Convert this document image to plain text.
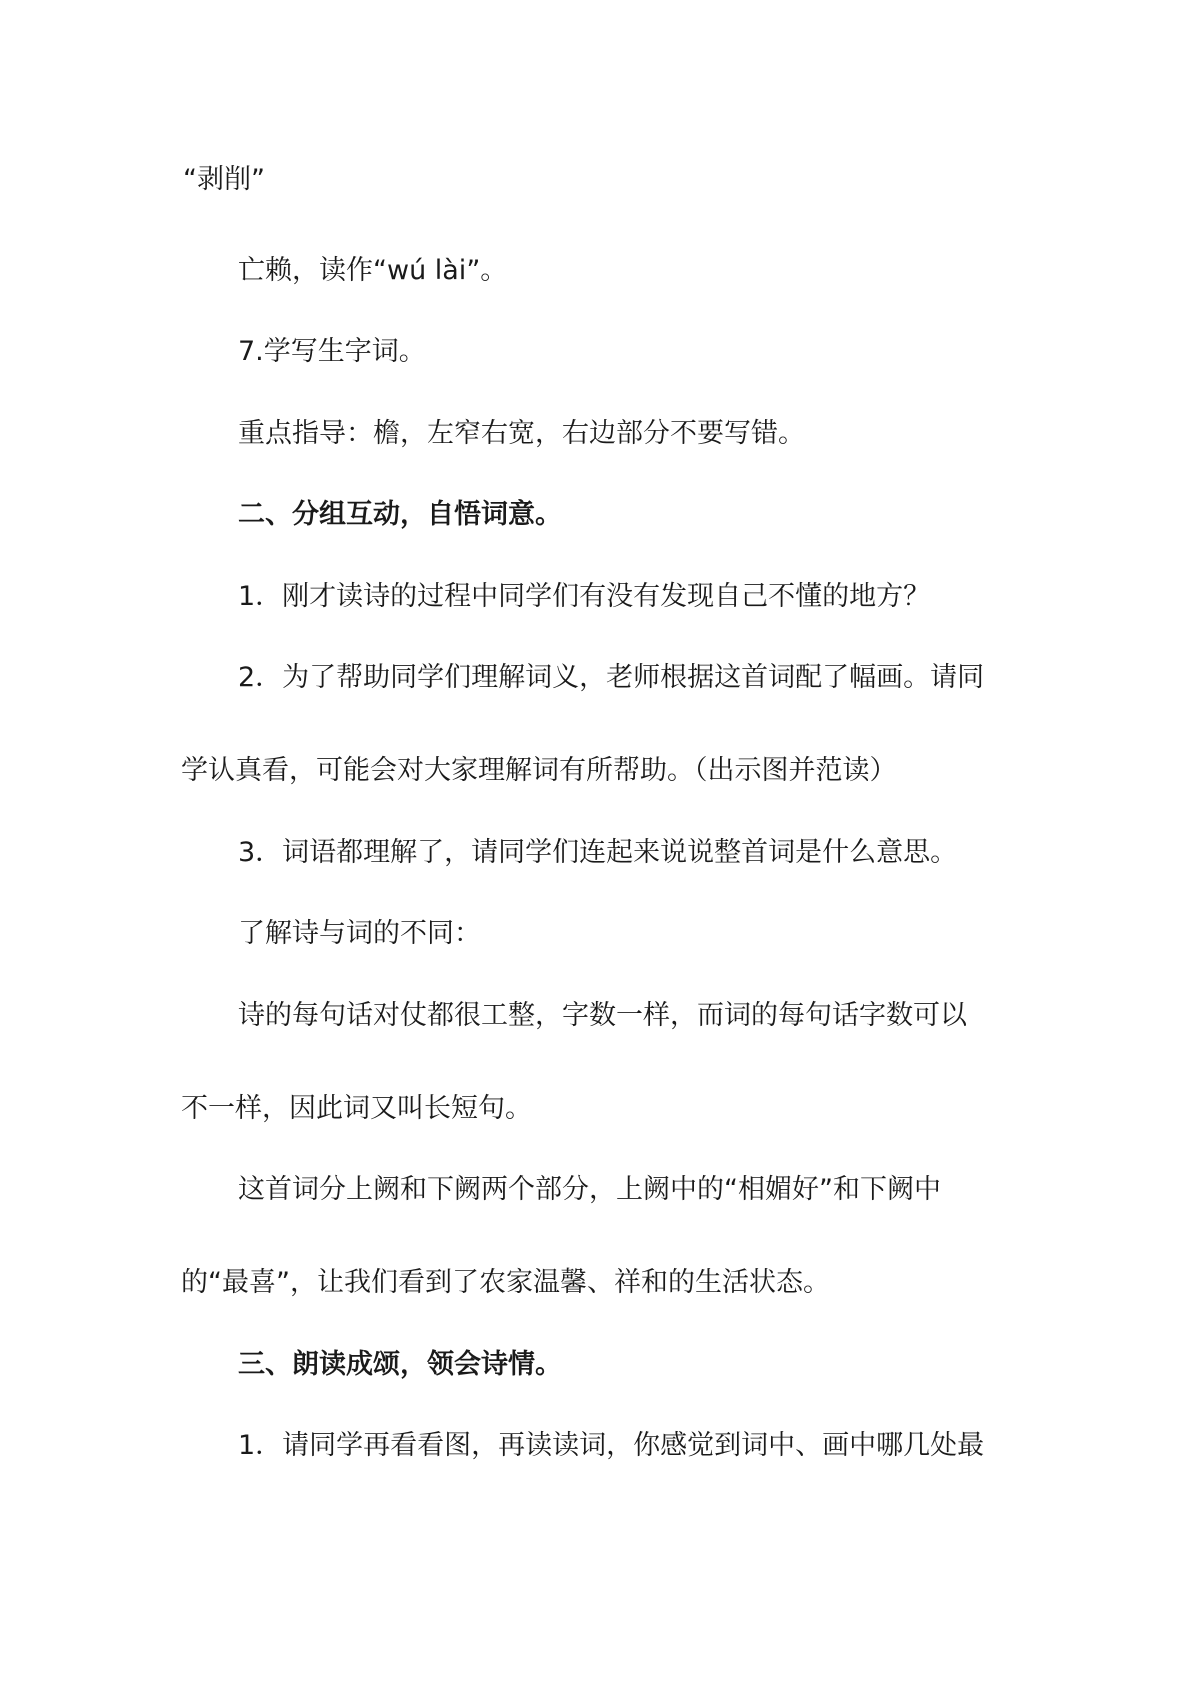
“剥削”
亡赖，读作“wú lài”。
7.学写生字词。
重点指导：檐，左窄右宽，右边部分不要写错。
二、分组互动，自悟词意。
1．刚才读诗的过程中同学们有没有发现自己不懂的地方？
2．为了帮助同学们理解词义，老师根据这首词配了幅画。请同
学认真看，可能会对大家理解词有所帮助。（出示图并范读）
3．词语都理解了，请同学们连起来说说整首词是什么意思。
了解诗与词的不同：
诗的每句话对仗都很工整，字数一样，而词的每句话字数可以
不一样，因此词又叫长短句。
这首词分上阙和下阙两个部分，上阙中的“相媚好”和下阙中
的“最喜”，让我们看到了农家温馨、祥和的生活状态。
三、朗读成颂，领会诗情。
1．请同学再看看图，再读读词，你感觉到词中、画中哪几处最
